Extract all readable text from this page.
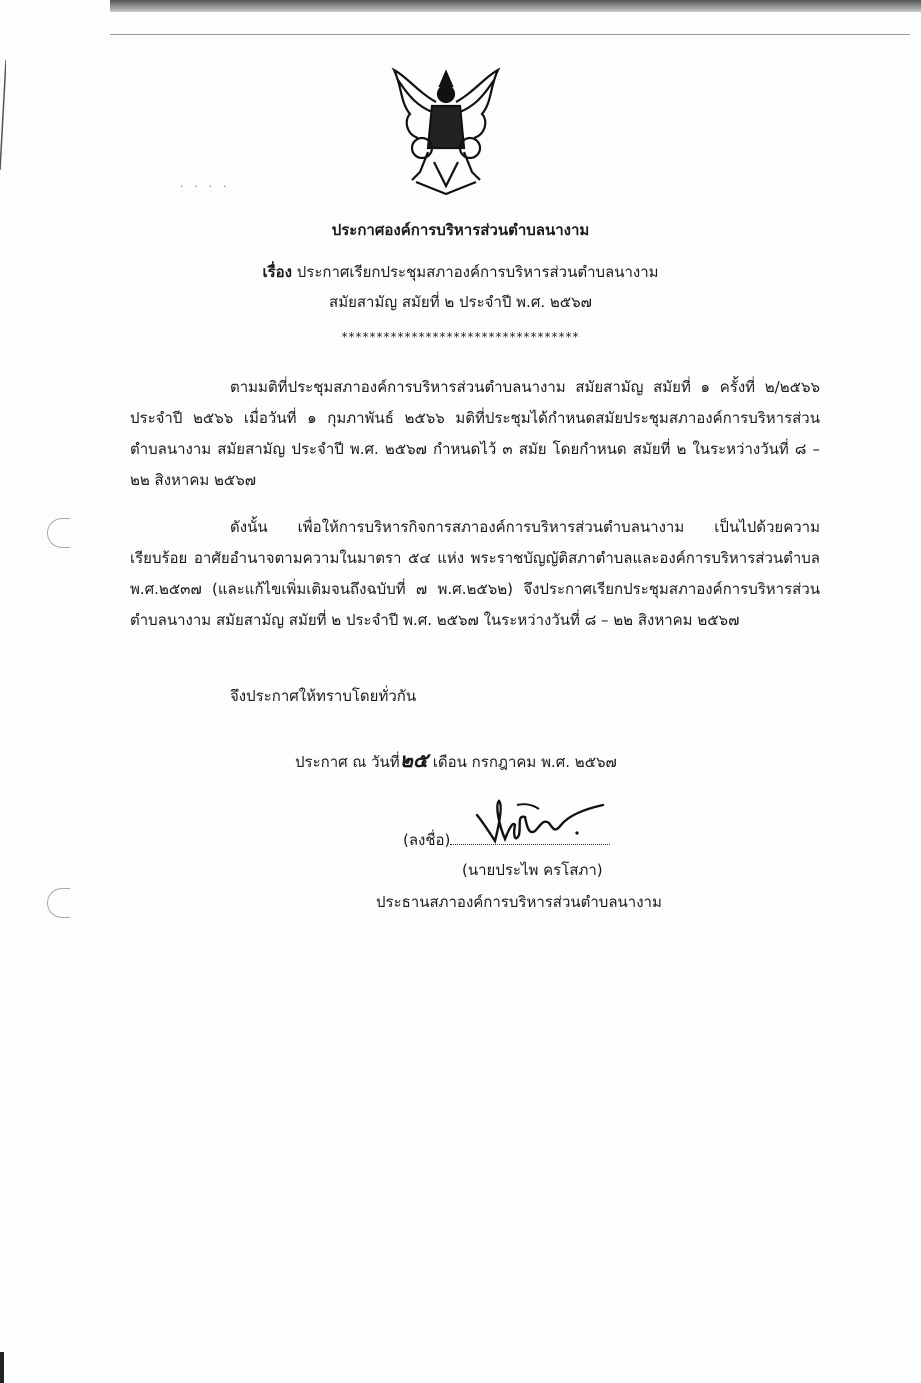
· · · ·
ประกาศองค์การบริหารส่วนตำบลนางาม
เรื่อง ประกาศเรียกประชุมสภาองค์การบริหารส่วนตำบลนางาม
สมัยสามัญ สมัยที่ ๒ ประจำปี พ.ศ. ๒๕๖๗
**********************************
ตามมติที่ประชุมสภาองค์การบริหารส่วนตำบลนางาม สมัยสามัญ สมัยที่ ๑ ครั้งที่ ๒/๒๕๖๖ ประจำปี ๒๕๖๖ เมื่อวันที่ ๑ กุมภาพันธ์ ๒๕๖๖ มติที่ประชุมได้กำหนดสมัยประชุมสภาองค์การบริหารส่วนตำบลนางาม สมัยสามัญ ประจำปี พ.ศ. ๒๕๖๗ กำหนดไว้ ๓ สมัย โดยกำหนด สมัยที่ ๒ ในระหว่างวันที่ ๘ – ๒๒ สิงหาคม ๒๕๖๗
ดังนั้น เพื่อให้การบริหารกิจการสภาองค์การบริหารส่วนตำบลนางาม เป็นไปด้วยความเรียบร้อย อาศัยอำนาจตามความในมาตรา ๕๔ แห่ง พระราชบัญญัติสภาตำบลและองค์การบริหารส่วนตำบล พ.ศ.๒๕๓๗ (และแก้ไขเพิ่มเติมจนถึงฉบับที่ ๗ พ.ศ.๒๕๖๒) จึงประกาศเรียกประชุมสภาองค์การบริหารส่วนตำบลนางาม สมัยสามัญ สมัยที่ ๒ ประจำปี พ.ศ. ๒๕๖๗ ในระหว่างวันที่ ๘ – ๒๒ สิงหาคม ๒๕๖๗
จึงประกาศให้ทราบโดยทั่วกัน
ประกาศ ณ วันที่๒๕ เดือน กรกฎาคม พ.ศ. ๒๕๖๗
(ลงชื่อ)
(นายประไพ ครโสภา)
ประธานสภาองค์การบริหารส่วนตำบลนางาม
